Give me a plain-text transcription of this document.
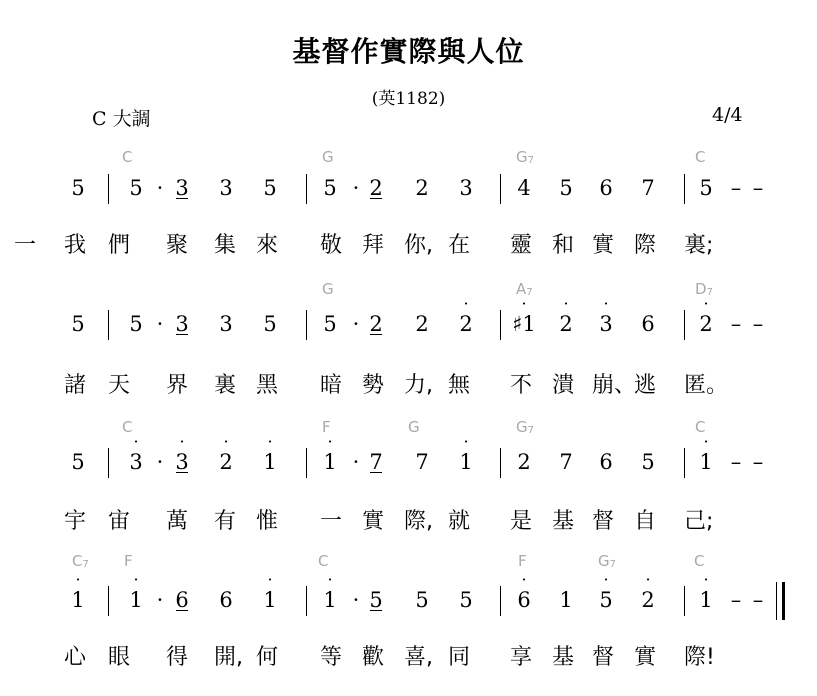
基督作實際與人位
(英1182)
C 大調	4/4
C	G	$G_7$	C
5 5 · 3 3 5 5 · 2 2 3 4 5 6 7 5 – –
一 我 們 聚 集 來 敬 拜 你, 在 靈 和 實 際 裏;
G	$A_7$	$D_7$
5 5 · 3 3 5 5 · 2 2 2
·
♯1
·
2
·
3
·
6 2
·
– –
諸 天 界 裏 黑 暗 勢 力, 無 不 潰 崩、
逃 匿。
C	F	G	$G_7$	C
5 3
·
· 3
·
2
·
1
·
1
·
· 7 7 1
·
2 7 6 5 1
·
– –
宇 宙 萬 有 惟 一 實 際, 就 是 基 督 自 己;
$C_7$ F	C	F	$G_7$	C
1
·
1
·
· 6 6 1
·
1
·
· 5 5 5 6
·
1 5
·
2
·
1
·
– –
心 眼 得 開, 何 等 歡 喜, 同 享 基 督 實 際!
